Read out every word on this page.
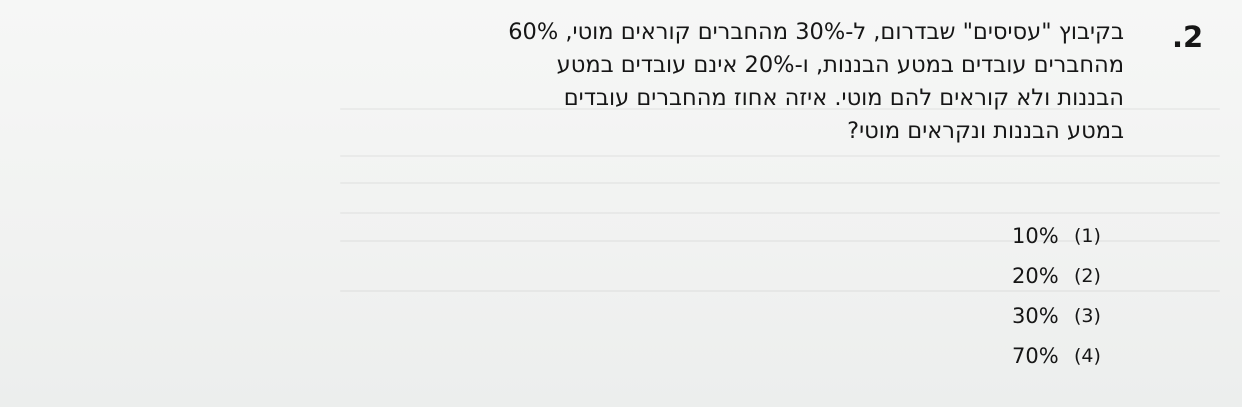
.2
בקיבוץ "עסיסים" שבדרום, ל-30% מהחברים קוראים מוטי, 60%
מהחברים עובדים במטע הבננות, ו-20% אינם עובדים במטע
הבננות ולא קוראים להם מוטי. איזה אחוז מהחברים עובדים
במטע הבננות ונקראים מוטי?
10% (1)
20% (2)
30% (3)
70% (4)
